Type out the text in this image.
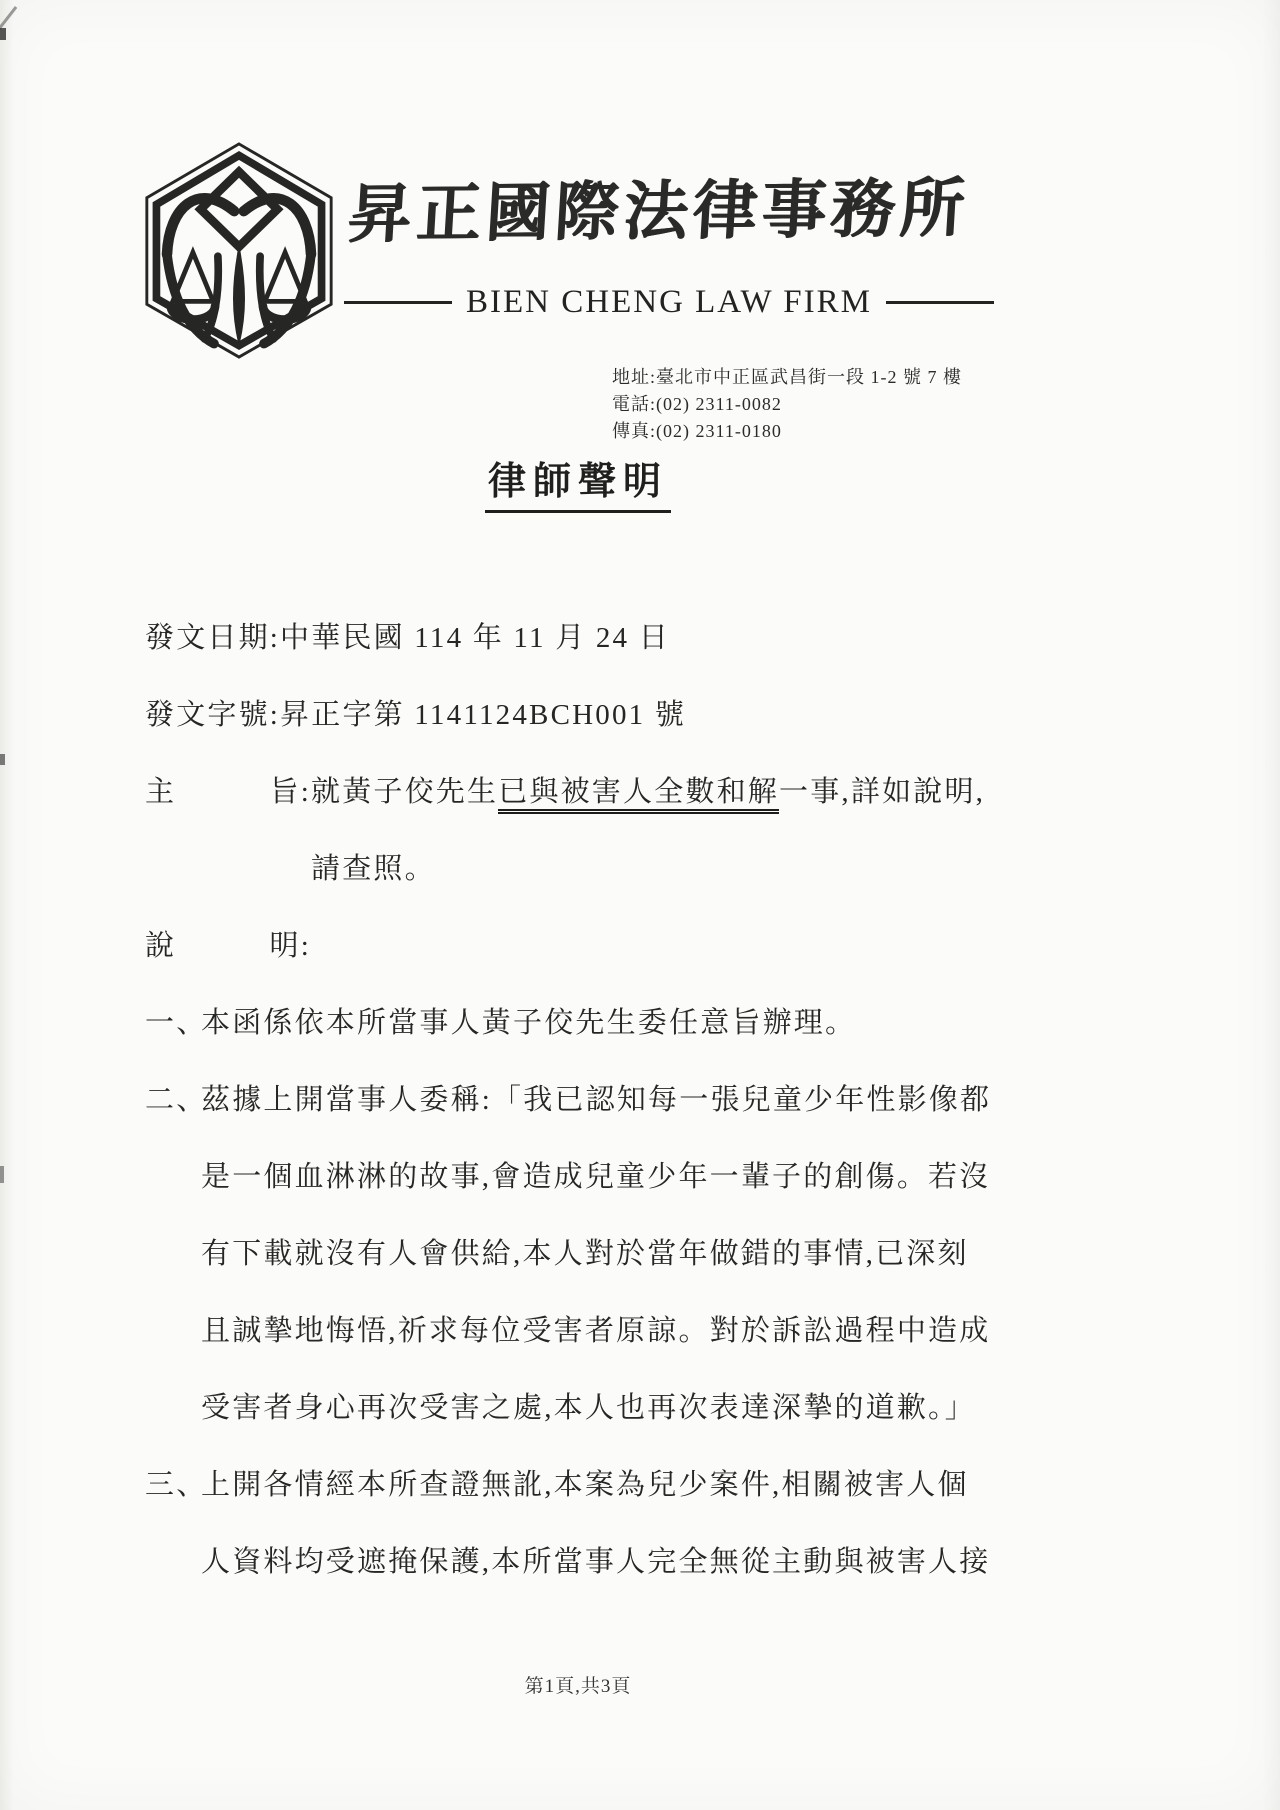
昇正國際法律事務所
BIEN CHENG LAW FIRM
地址:臺北市中正區武昌街一段 1-2 號 7 樓
電話:(02) 2311-0082
傳真:(02) 2311-0180
律師聲明
發文日期:中華民國 114 年 11 月 24 日
發文字號:昇正字第 1141124BCH001 號
主	旨: 就黃子佼先生已與被害人全數和解一事,詳如說明,
請查照。
說	明:
一、
本函係依本所當事人黃子佼先生委任意旨辦理。
二、
茲據上開當事人委稱:「我已認知每一張兒童少年性影像都
是一個血淋淋的故事,會造成兒童少年一輩子的創傷。若沒
有下載就沒有人會供給,本人對於當年做錯的事情,已深刻
且誠摯地悔悟,祈求每位受害者原諒。對於訴訟過程中造成
受害者身心再次受害之處,本人也再次表達深摯的道歉。」
三、
上開各情經本所查證無訛,本案為兒少案件,相關被害人個
人資料均受遮掩保護,本所當事人完全無從主動與被害人接
第1頁,共3頁
